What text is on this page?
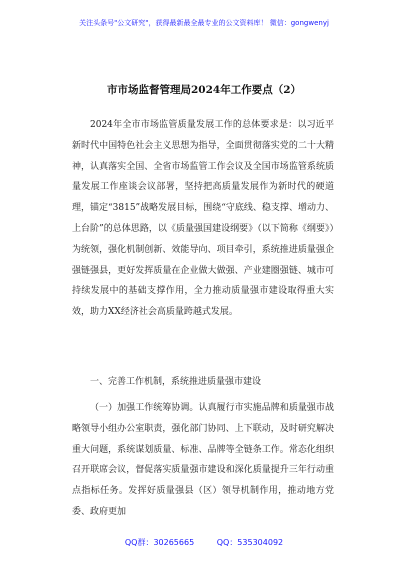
关注头条号"公文研究"，获得最新最全最专业的公文资料库！ 微信：gongwenyj
市市场监督管理局2024年工作要点（2）
2024年全市市场监管质量发展工作的总体要求是：以习近平新时代中国特色社会主义思想为指导，全面贯彻落实党的二十大精神，认真落实全国、全省市场监管工作会议及全国市场监管系统质量发展工作座谈会议部署，坚持把高质量发展作为新时代的硬道理，锚定“3815”战略发展目标，围绕“守底线、稳支撑、增动力、上台阶”的总体思路，以《质量强国建设纲要》（以下简称《纲要》）为统领，强化机制创新、效能导向、项目牵引，系统推进质量强企强链强县，更好发挥质量在企业做大做强、产业建圈强链、城市可持续发展中的基础支撑作用，全力推动质量强市建设取得重大实效，助力XX经济社会高质量跨越式发展。
一、完善工作机制，系统推进质量强市建设
（一）加强工作统筹协调。认真履行市实施品牌和质量强市战略领导小组办公室职责，强化部门协同、上下联动，及时研究解决重大问题，系统谋划质量、标准、品牌等全链条工作。常态化组织召开联席会议，督促落实质量强市建设和深化质量提升三年行动重点指标任务。发挥好质量强县（区）领导机制作用，推动地方党委、政府更加
QQ群：30265665	QQ：535304092
